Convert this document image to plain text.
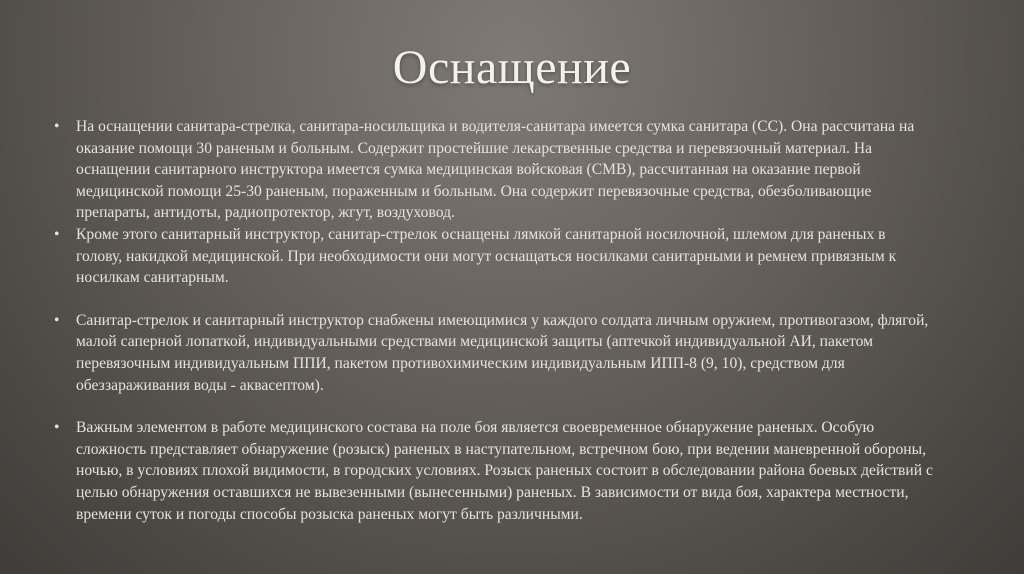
Оснащение
•	На оснащении санитара-стрелка, санитара-носильщика и водителя-санитара имеется сумка санитара (СС). Она рассчитана на оказание помощи 30 раненым и больным. Содержит простейшие лекарственные средства и перевязочный материал. На оснащении санитарного инструктора имеется сумка медицинская войсковая (СМВ), рассчитанная на оказание первой медицинской помощи 25-30 раненым, пораженным и больным. Она содержит перевязочные средства, обезболивающие препараты, антидоты, радиопротектор, жгут, воздуховод.
•	Кроме этого санитарный инструктор, санитар-стрелок оснащены лямкой санитарной носилочной, шлемом для раненых в голову, накидкой медицинской. При необходимости они могут оснащаться носилками санитарными и ремнем привязным к носилкам санитарным.
•	Санитар-стрелок и санитарный инструктор снабжены имеющимися у каждого солдата личным оружием, противогазом, флягой, малой саперной лопаткой, индивидуальными средствами медицинской защиты (аптечкой индивидуальной АИ, пакетом перевязочным индивидуальным ППИ, пакетом противохимическим индивидуальным ИПП-8 (9, 10), средством для обеззараживания воды - аквасептом).
•	Важным элементом в работе медицинского состава на поле боя является своевременное обнаружение раненых. Особую сложность представляет обнаружение (розыск) раненых в наступательном, встречном бою, при ведении маневренной обороны, ночью, в условиях плохой видимости, в городских условиях. Розыск раненых состоит в обследовании района боевых действий с целью обнаружения оставшихся не вывезенными (вынесенными) раненых. В зависимости от вида боя, характера местности, времени суток и погоды способы розыска раненых могут быть различными.
